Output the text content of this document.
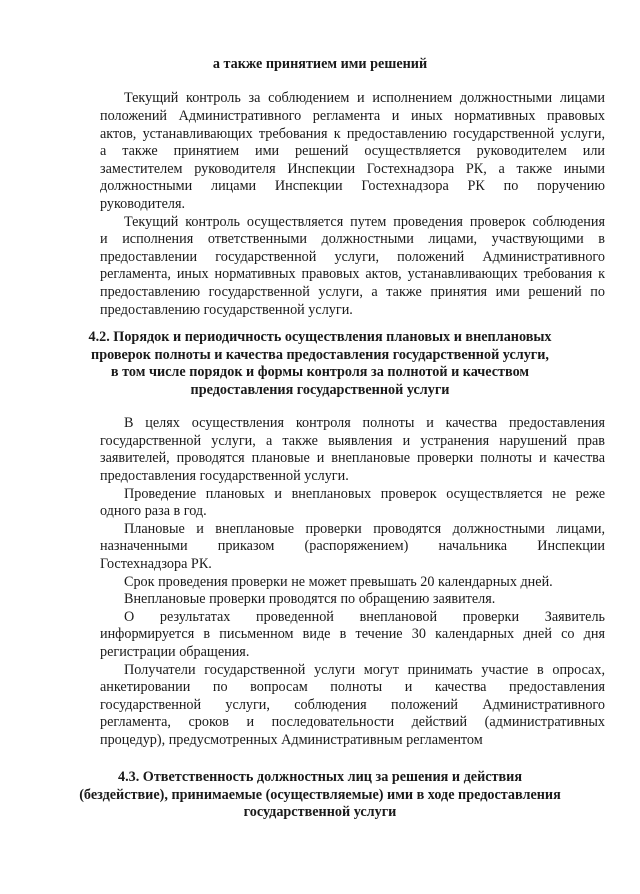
а также принятием ими решений

Текущий контроль за соблюдением и исполнением должностными лицами

положений Административного регламента и иных нормативных правовых

актов, устанавливающих требования к предоставлению государственной услуги,

а также принятием ими решений осуществляется руководителем или

заместителем руководителя Инспекции Гостехнадзора РК, а также иными

должностными лицами Инспекции Гостехнадзора РК по поручению

руководителя.

Текущий контроль осуществляется путем проведения проверок соблюдения

и исполнения ответственными должностными лицами, участвующими в

предоставлении государственной услуги, положений Административного

регламента, иных нормативных правовых актов, устанавливающих требования к

предоставлению государственной услуги, а также принятия ими решений по

предоставлению государственной услуги.

4.2. Порядок и периодичность осуществления плановых и внеплановых

проверок полноты и качества предоставления государственной услуги,

в том числе порядок и формы контроля за полнотой и качеством

предоставления государственной услуги

В целях осуществления контроля полноты и качества предоставления

государственной услуги, а также выявления и устранения нарушений прав

заявителей, проводятся плановые и внеплановые проверки полноты и качества

предоставления государственной услуги.

Проведение плановых и внеплановых проверок осуществляется не реже

одного раза в год.

Плановые и внеплановые проверки проводятся должностными лицами,

назначенными приказом (распоряжением) начальника Инспекции

Гостехнадзора РК.

Срок проведения проверки не может превышать 20 календарных дней.

Внеплановые проверки проводятся по обращению заявителя.

О результатах проведенной внеплановой проверки Заявитель

информируется в письменном виде в течение 30 календарных дней со дня

регистрации обращения.

Получатели государственной услуги могут принимать участие в опросах,

анкетировании по вопросам полноты и качества предоставления

государственной услуги, соблюдения положений Административного

регламента, сроков и последовательности действий (административных

процедур), предусмотренных Административным регламентом

4.3. Ответственность должностных лиц за решения и действия

(бездействие), принимаемые (осуществляемые) ими в ходе предоставления

государственной услуги
